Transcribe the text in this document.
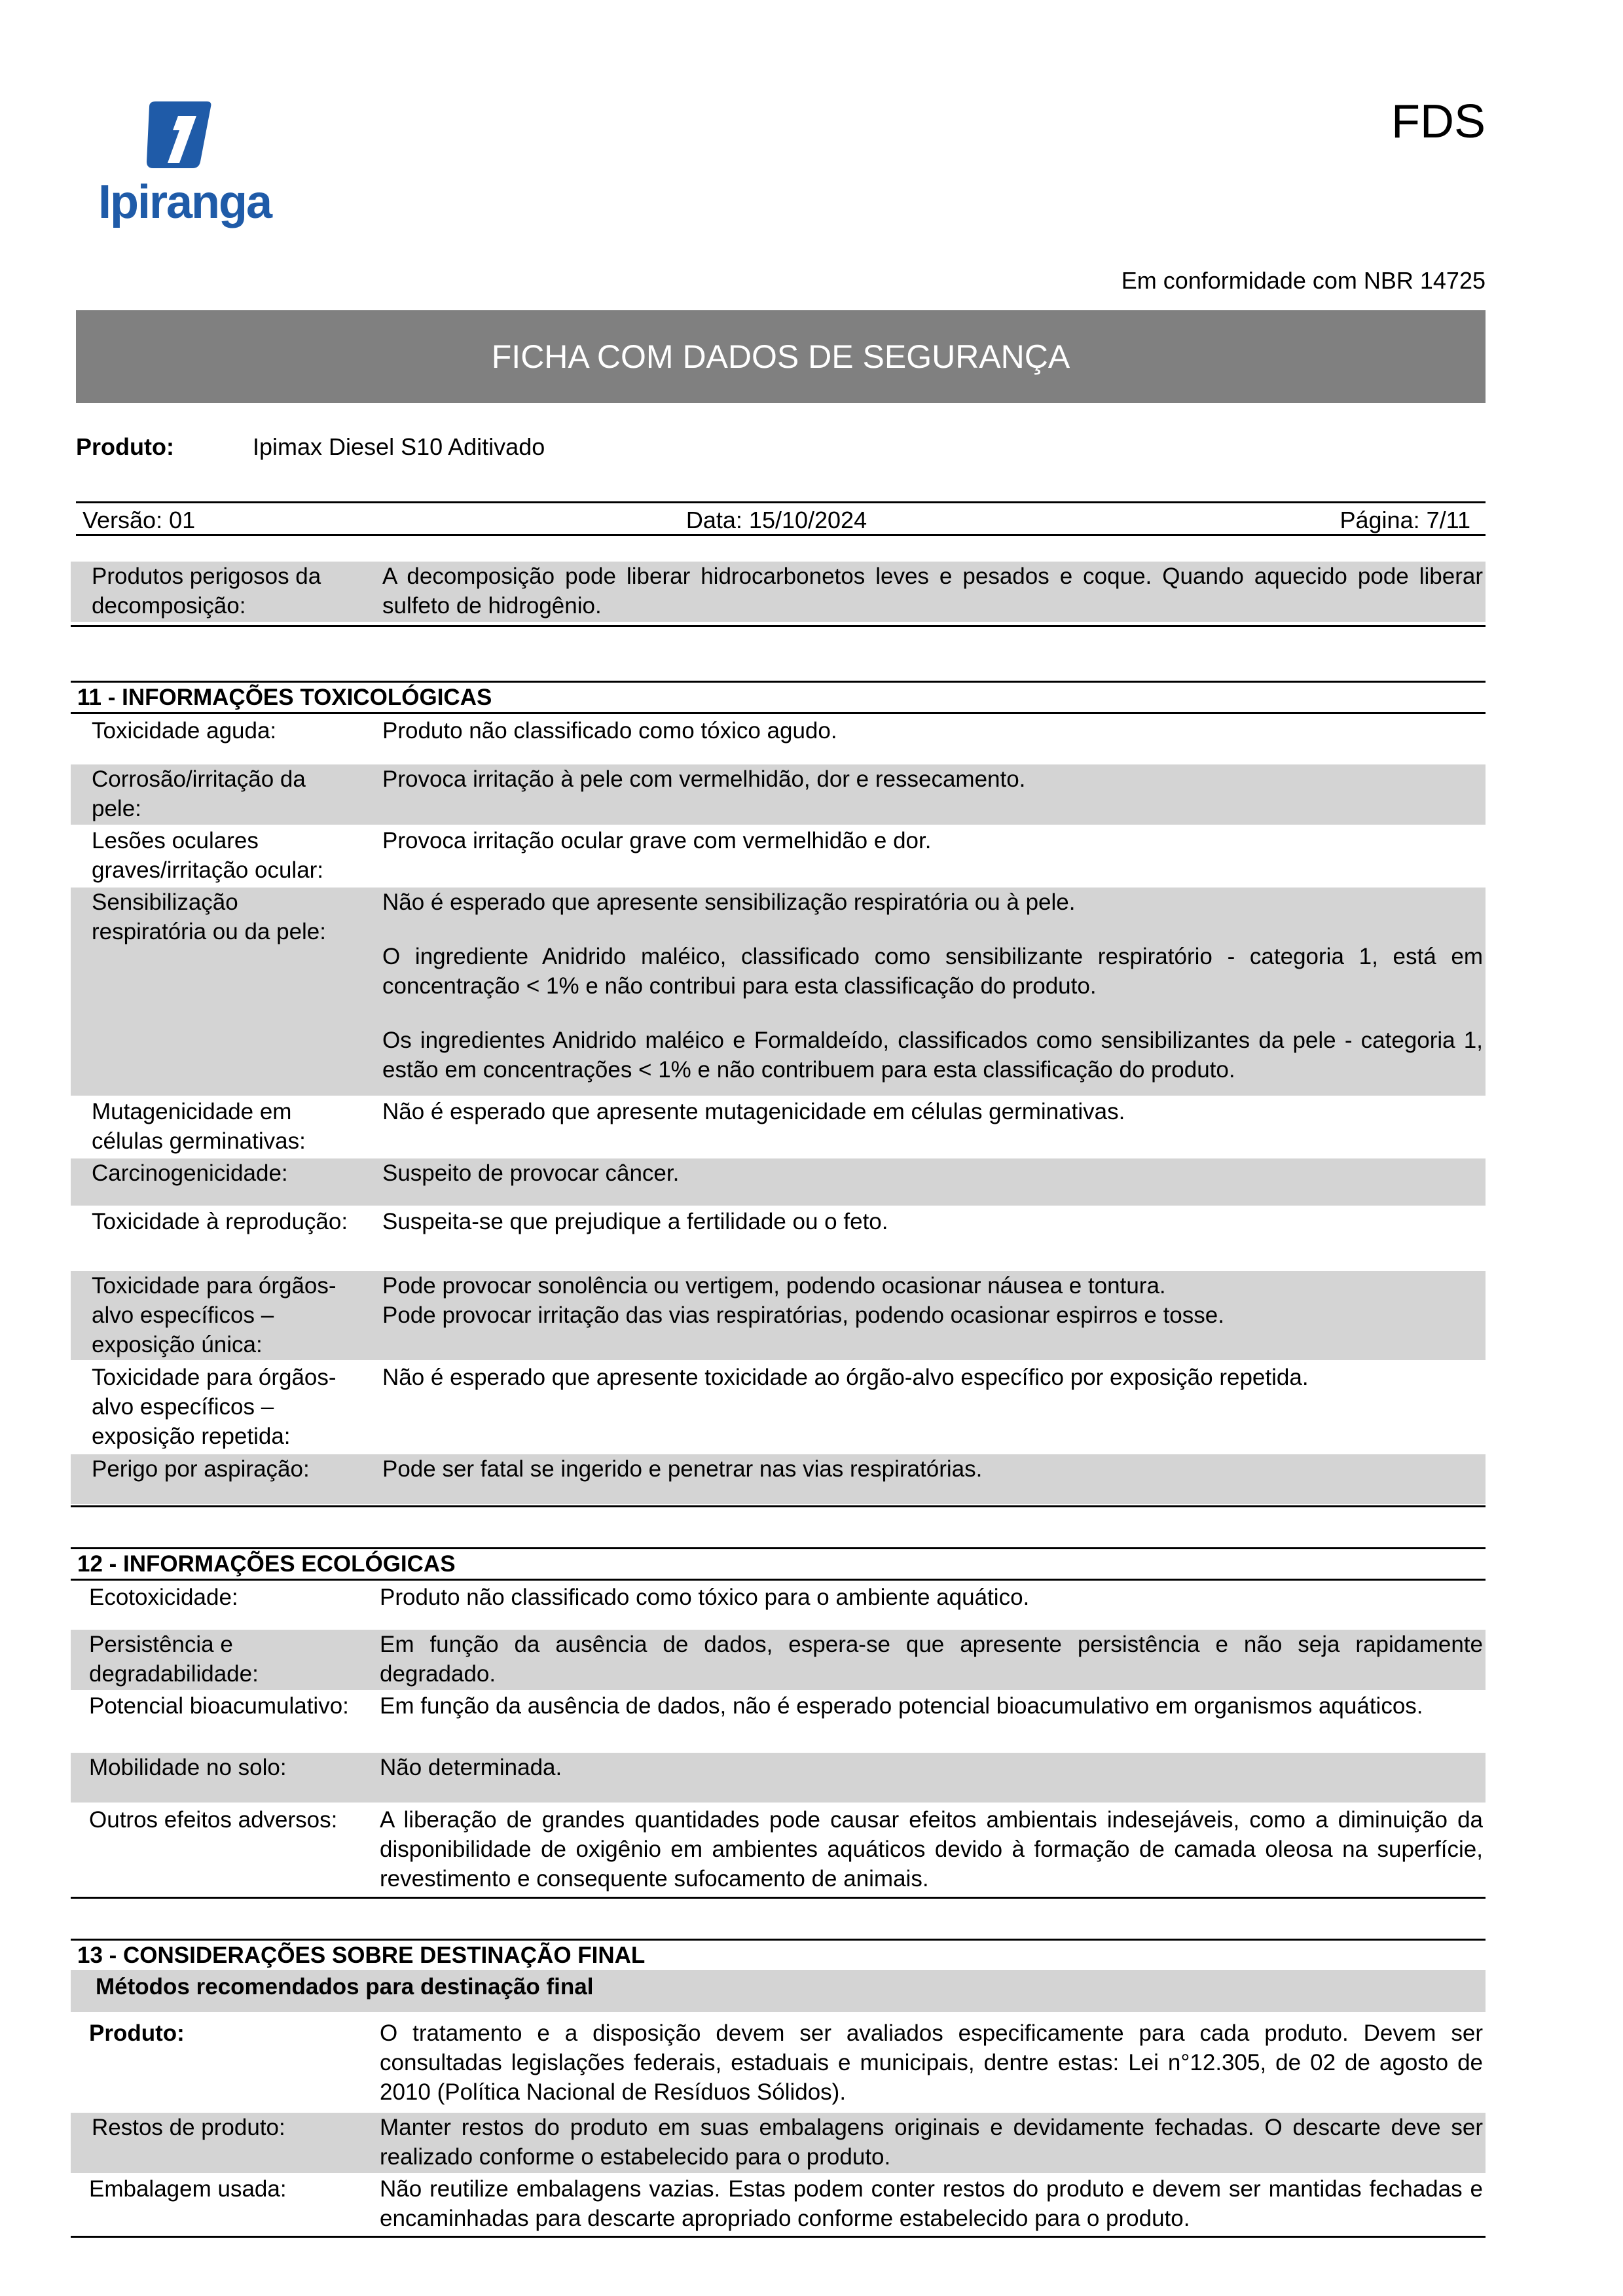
Ipiranga
FDS
Em conformidade com NBR 14725
FICHA COM DADOS DE SEGURANÇA
Produto:	Ipimax Diesel S10 Aditivado
Versão: 01	Data: 15/10/2024	Página: 7/11
Produtos perigosos da decomposição:
A decomposição pode liberar hidrocarbonetos leves e pesados e coque. Quando aquecido pode liberar sulfeto de hidrogênio.
11 - INFORMAÇÕES TOXICOLÓGICAS
Toxicidade aguda:	Produto não classificado como tóxico agudo.
Corrosão/irritação da pele:
Provoca irritação à pele com vermelhidão, dor e ressecamento.
Lesões oculares graves/irritação ocular:
Provoca irritação ocular grave com vermelhidão e dor.
Sensibilização respiratória ou da pele:

Não é esperado que apresente sensibilização respiratória ou à pele.

O ingrediente Anidrido maléico, classificado como sensibilizante respiratório - categoria 1, está em concentração < 1% e não contribui para esta classificação do produto.

Os ingredientes Anidrido maléico e Formaldeído, classificados como sensibilizantes da pele - categoria 1, estão em concentrações < 1% e não contribuem para esta classificação do produto.

Mutagenicidade em células germinativas:
Não é esperado que apresente mutagenicidade em células germinativas.
Carcinogenicidade:	Suspeito de provocar câncer.
Toxicidade à reprodução: Suspeita-se que prejudique a fertilidade ou o feto.
Toxicidade para órgãos-alvo específicos – exposição única:

Pode provocar sonolência ou vertigem, podendo ocasionar náusea e tontura.

Pode provocar irritação das vias respiratórias, podendo ocasionar espirros e tosse.

Toxicidade para órgãos-alvo específicos – exposição repetida:
Não é esperado que apresente toxicidade ao órgão-alvo específico por exposição repetida.
Perigo por aspiração:	Pode ser fatal se ingerido e penetrar nas vias respiratórias.
12 - INFORMAÇÕES ECOLÓGICAS
Ecotoxicidade:	Produto não classificado como tóxico para o ambiente aquático.
Persistência e degradabilidade:
Em função da ausência de dados, espera-se que apresente persistência e não seja rapidamente degradado.
Potencial bioacumulativo: Em função da ausência de dados, não é esperado potencial bioacumulativo em organismos aquáticos.
Mobilidade no solo:	Não determinada.
Outros efeitos adversos:	A liberação de grandes quantidades pode causar efeitos ambientais indesejáveis, como a diminuição da disponibilidade de oxigênio em ambientes aquáticos devido à formação de camada oleosa na superfície, revestimento e consequente sufocamento de animais.
13 - CONSIDERAÇÕES SOBRE DESTINAÇÃO FINAL
Métodos recomendados para destinação final
Produto:	O tratamento e a disposição devem ser avaliados especificamente para cada produto. Devem ser consultadas legislações federais, estaduais e municipais, dentre estas: Lei n°12.305, de 02 de agosto de 2010 (Política Nacional de Resíduos Sólidos).
Restos de produto:	Manter restos do produto em suas embalagens originais e devidamente fechadas. O descarte deve ser realizado conforme o estabelecido para o produto.
Embalagem usada:	Não reutilize embalagens vazias. Estas podem conter restos do produto e devem ser mantidas fechadas e encaminhadas para descarte apropriado conforme estabelecido para o produto.
